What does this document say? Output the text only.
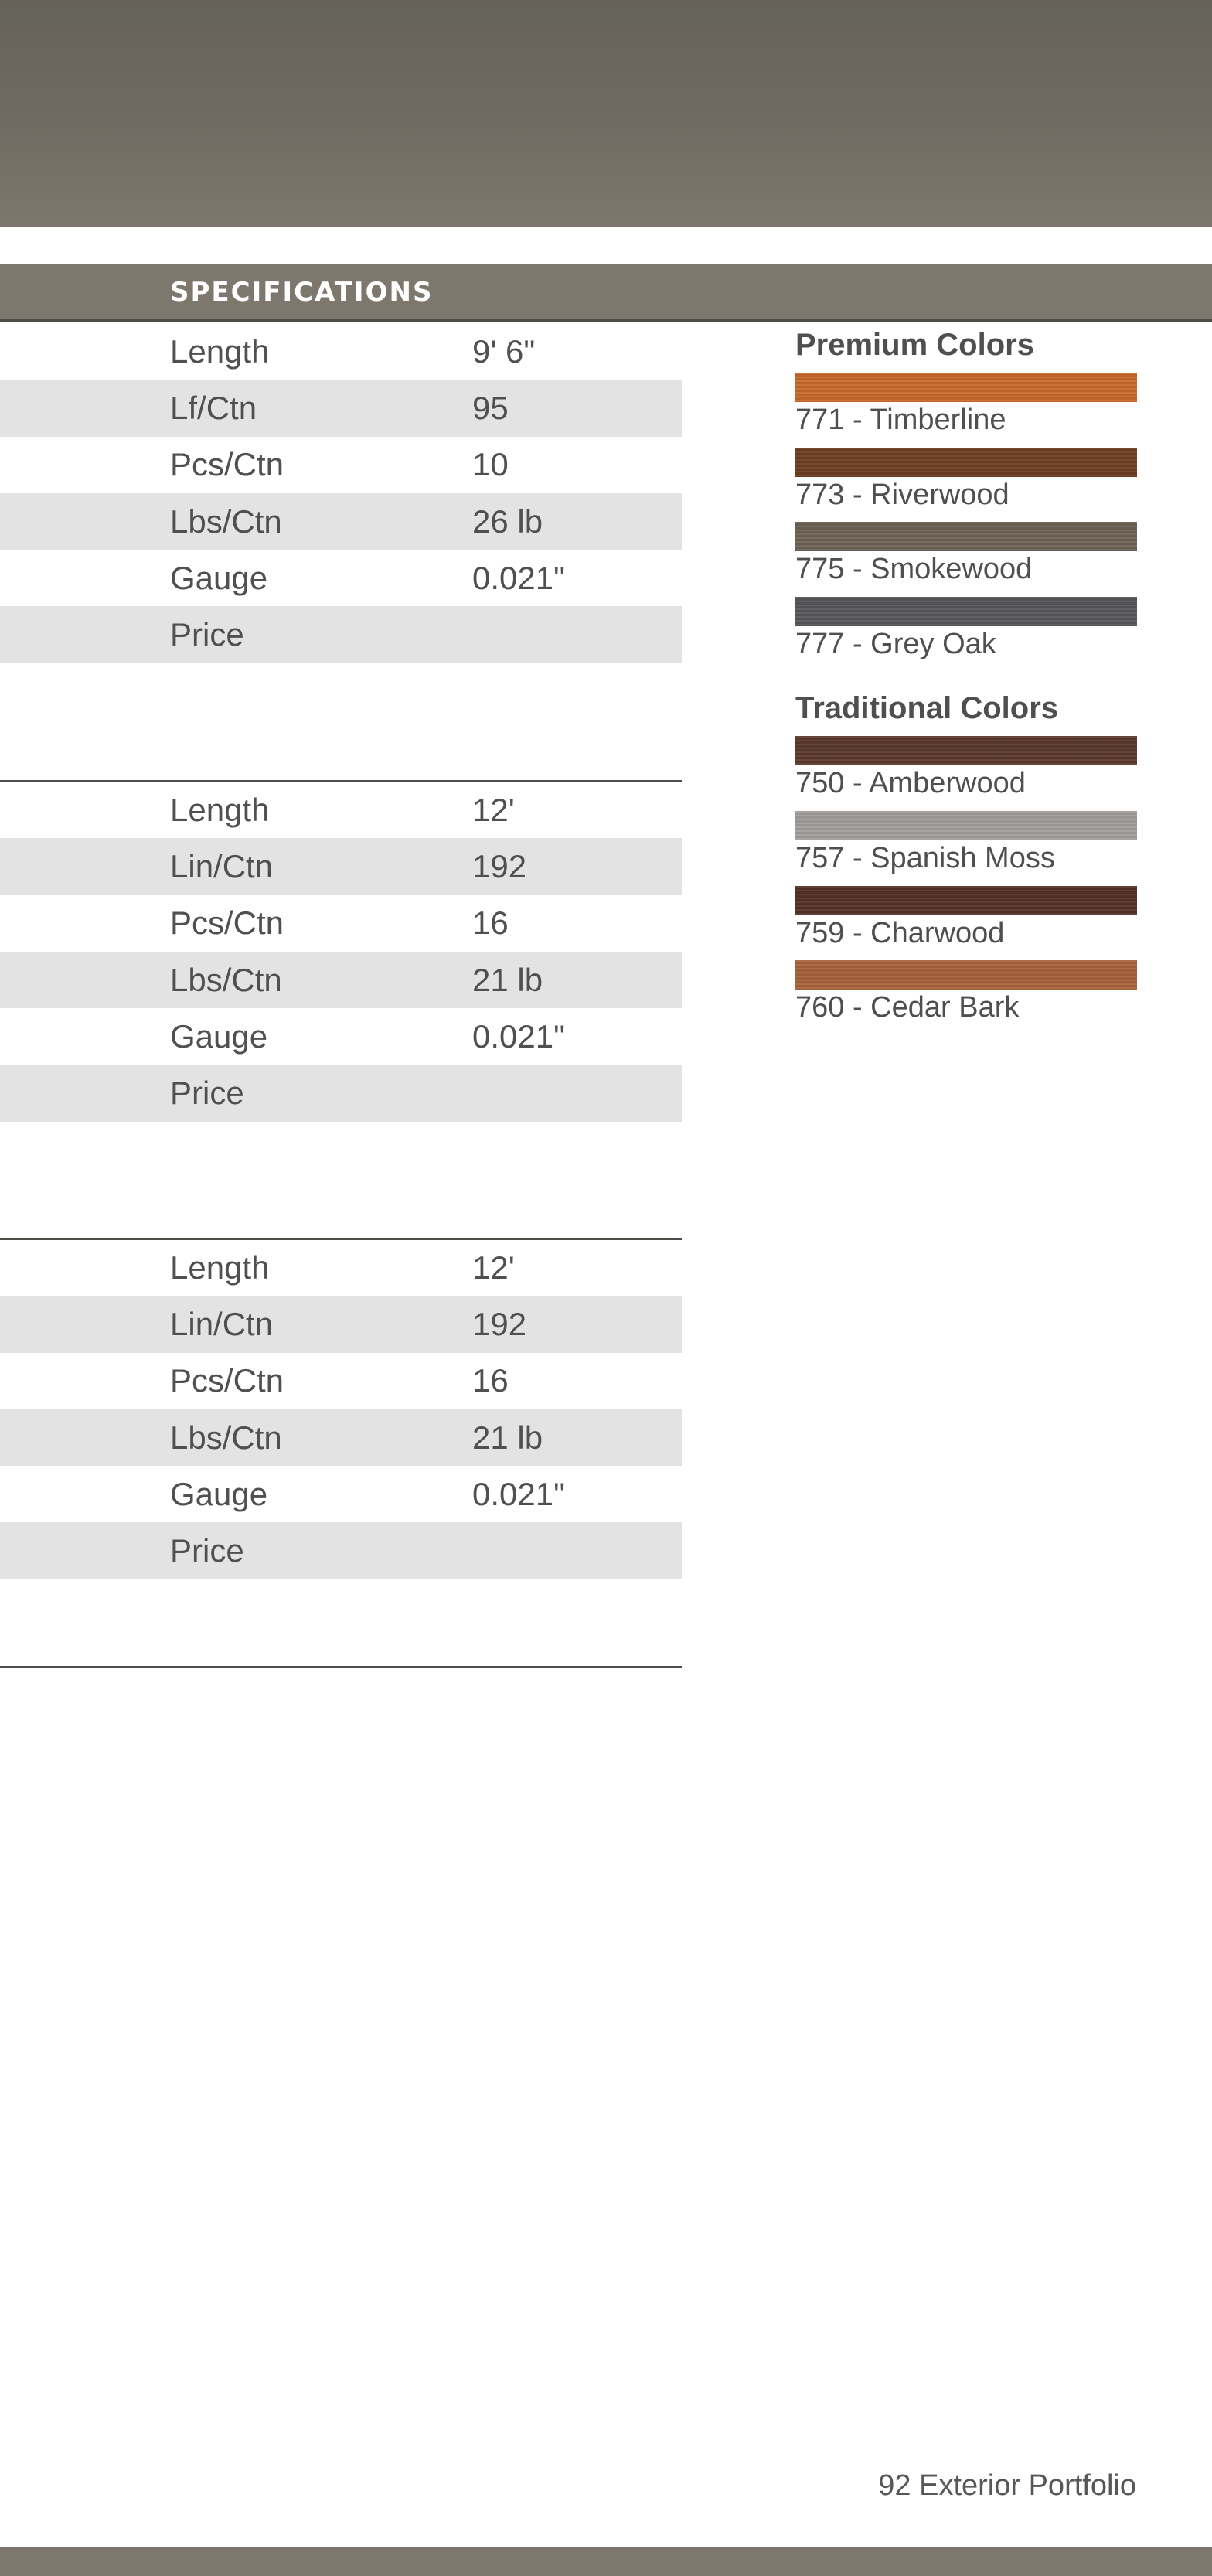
SPECIFICATIONS
Length	9' 6"
Lf/Ctn	95
Pcs/Ctn	10
Lbs/Ctn	26 lb
Gauge	0.021"
Price
Length	12'
Lin/Ctn	192
Pcs/Ctn	16
Lbs/Ctn	21 lb
Gauge	0.021"
Price
Length	12'
Lin/Ctn	192
Pcs/Ctn	16
Lbs/Ctn	21 lb
Gauge	0.021"
Price
Premium Colors
771 - Timberline
773 - Riverwood
775 - Smokewood
777 - Grey Oak
Traditional Colors
750 - Amberwood
757 - Spanish Moss
759 - Charwood
760 - Cedar Bark
92 Exterior Portfolio
